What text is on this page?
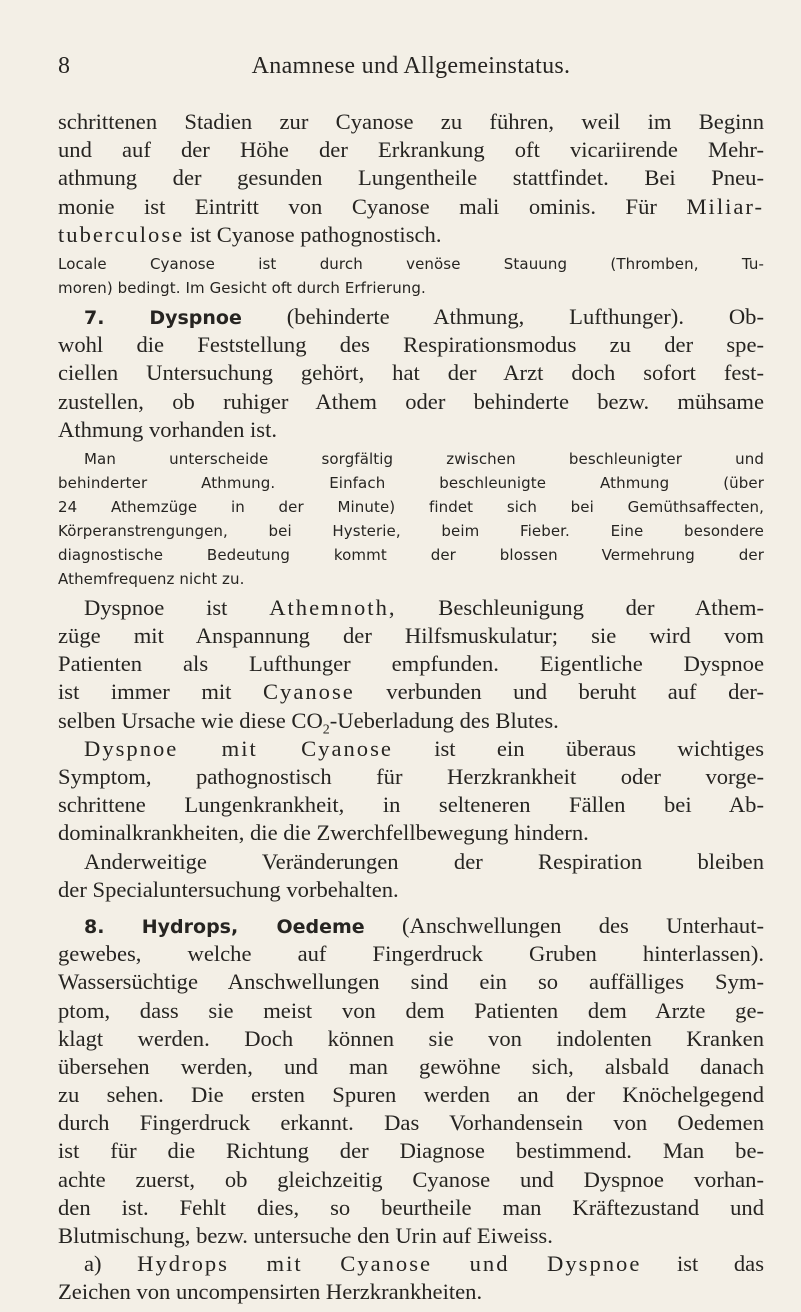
8	Anamnese und Allgemeinstatus.
schrittenen Stadien zur Cyanose zu führen, weil im Beginn
und auf der Höhe der Erkrankung oft vicariirende Mehr-
athmung der gesunden Lungentheile stattfindet. Bei Pneu-
monie ist Eintritt von Cyanose mali ominis. Für Miliar-
tuberculose ist Cyanose pathognostisch.
Locale Cyanose ist durch venöse Stauung (Thromben, Tu-
moren) bedingt. Im Gesicht oft durch Erfrierung.
7. Dyspnoe (behinderte Athmung, Lufthunger). Ob-
wohl die Feststellung des Respirationsmodus zu der spe-
ciellen Untersuchung gehört, hat der Arzt doch sofort fest-
zustellen, ob ruhiger Athem oder behinderte bezw. mühsame
Athmung vorhanden ist.
Man unterscheide sorgfältig zwischen beschleunigter und
behinderter Athmung. Einfach beschleunigte Athmung (über
24 Athemzüge in der Minute) findet sich bei Gemüthsaffecten,
Körperanstrengungen, bei Hysterie, beim Fieber. Eine besondere
diagnostische Bedeutung kommt der blossen Vermehrung der
Athemfrequenz nicht zu.
Dyspnoe ist Athemnoth, Beschleunigung der Athem-
züge mit Anspannung der Hilfsmuskulatur; sie wird vom
Patienten als Lufthunger empfunden. Eigentliche Dyspnoe
ist immer mit Cyanose verbunden und beruht auf der-
selben Ursache wie diese $CO_2$-Ueberladung des Blutes.
Dyspnoe mit Cyanose ist ein überaus wichtiges
Symptom, pathognostisch für Herzkrankheit oder vorge-
schrittene Lungenkrankheit, in selteneren Fällen bei Ab-
dominalkrankheiten, die die Zwerchfellbewegung hindern.
Anderweitige Veränderungen der Respiration bleiben
der Specialuntersuchung vorbehalten.
8. Hydrops, Oedeme (Anschwellungen des Unterhaut-
gewebes, welche auf Fingerdruck Gruben hinterlassen).
Wassersüchtige Anschwellungen sind ein so auffälliges Sym-
ptom, dass sie meist von dem Patienten dem Arzte ge-
klagt werden. Doch können sie von indolenten Kranken
übersehen werden, und man gewöhne sich, alsbald danach
zu sehen. Die ersten Spuren werden an der Knöchelgegend
durch Fingerdruck erkannt. Das Vorhandensein von Oedemen
ist für die Richtung der Diagnose bestimmend. Man be-
achte zuerst, ob gleichzeitig Cyanose und Dyspnoe vorhan-
den ist. Fehlt dies, so beurtheile man Kräftezustand und
Blutmischung, bezw. untersuche den Urin auf Eiweiss.
a) Hydrops mit Cyanose und Dyspnoe ist das
Zeichen von uncompensirten Herzkrankheiten.
